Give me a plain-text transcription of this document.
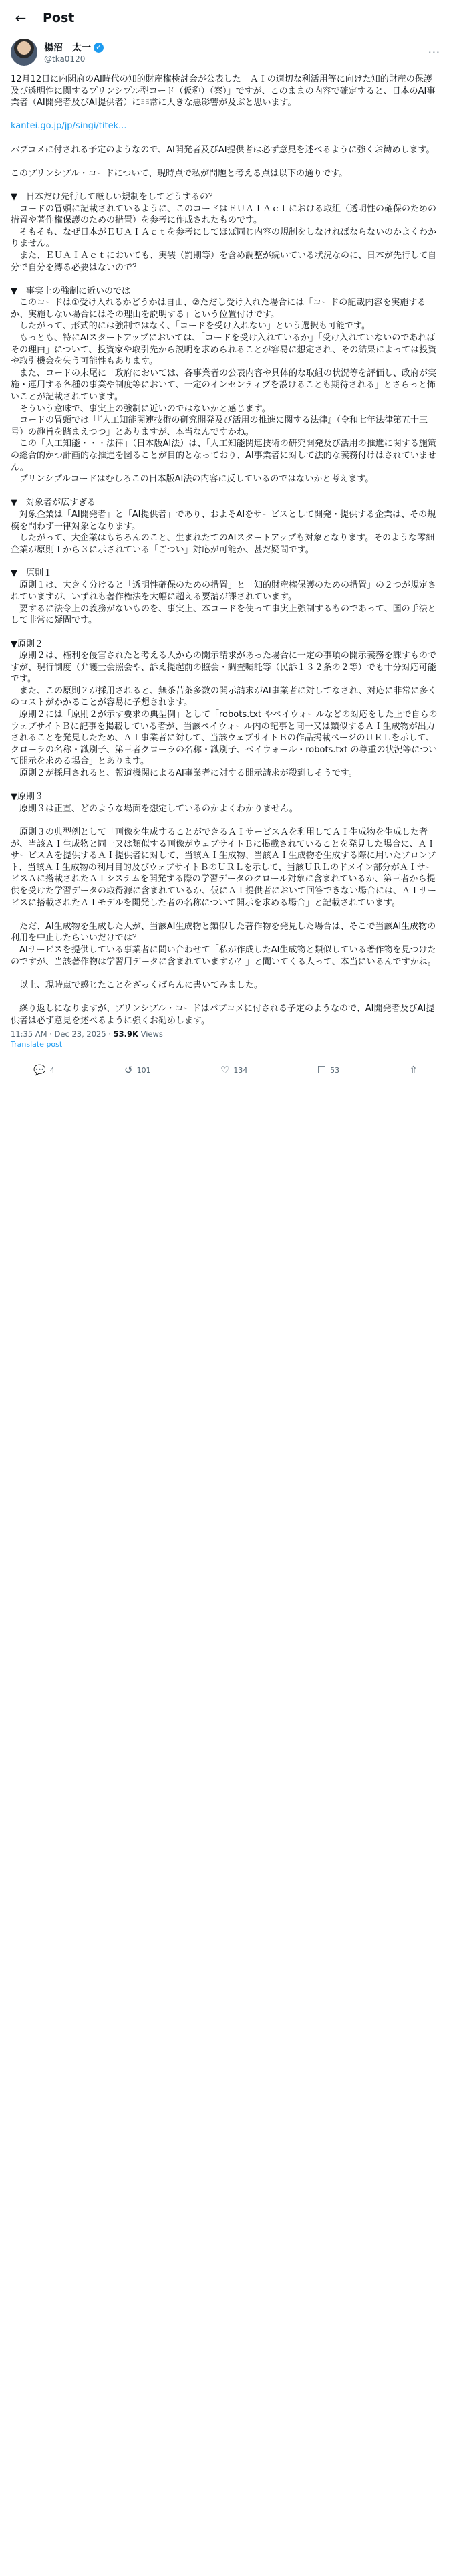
←	Post
楊沼　太一 ✓
@tka0120
···
12月12日に内閣府のAI時代の知的財産権検討会が公表した「ＡＩの適切な利活用等に向けた知的財産の保護及び透明性に関するプリンシプル型コード（仮称）（案）」ですが、このままの内容で確定すると、日本のAI事業者（AI開発者及びAI提供者）に非常に大きな悪影響が及ぶと思います。

kantei.go.jp/jp/singi/titek...

パブコメに付される予定のようなので、AI開発者及びAI提供者は必ず意見を述べるように強くお勧めします。

このプリンシプル・コードについて、現時点で私が問題と考える点は以下の通りです。

▼　日本だけ先行して厳しい規制をしてどうするの？
　コードの冒頭に記載されているように、このコードはＥＵＡＩＡｃｔにおける取組（透明性の確保のための措置や著作権保護のための措置）を参考に作成されたものです。
　そもそも、なぜ日本がＥＵＡＩＡｃｔを参考にしてほぼ同じ内容の規制をしなければならないのかよくわかりません。
　また、ＥＵＡＩＡｃｔにおいても、実装（罰則等）を含め調整が続いている状況なのに、日本が先行して自分で自分を縛る必要はないので？

▼　事実上の強制に近いのでは
　このコードは①受け入れるかどうかは自由、②ただし受け入れた場合には「コードの記載内容を実施するか、実施しない場合にはその理由を説明する」という位置付けです。
　したがって、形式的には強制ではなく、「コードを受け入れない」という選択も可能です。
　もっとも、特にAIスタートアップにおいては、「コードを受け入れているか」「受け入れていないのであればその理由」について、投資家や取引先から説明を求められることが容易に想定され、その結果によっては投資や取引機会を失う可能性もあります。
　また、コードの末尾に「政府においては、各事業者の公表内容や具体的な取組の状況等を評価し、政府が実施・運用する各種の事業や制度等において、一定のインセンティブを設けることも期待される」とさらっと怖いことが記載されています。
　そういう意味で、事実上の強制に近いのではないかと感じます。
　コードの冒頭では「『人工知能関連技術の研究開発及び活用の推進に関する法律』（令和七年法律第五十三号）の趣旨を踏まえつつ」とありますが、本当なんですかね。
　この「人工知能・・・法律」（日本版AI法）は、「人工知能関連技術の研究開発及び活用の推進に関する施策の総合的かつ計画的な推進を図ることが目的となっており、AI事業者に対して法的な義務付けはされていません。
　プリンシプルコードはむしろこの日本版AI法の内容に反しているのではないかと考えます。

▼　対象者が広すぎる
　対象企業は「AI開発者」と「AI提供者」であり、およそAIをサービスとして開発・提供する企業は、その規模を問わず一律対象となります。
　したがって、大企業はもちろんのこと、生まれたてのAIスタートアップも対象となります。そのような零細企業が原則１から３に示されている「ごつい」対応が可能か、甚だ疑問です。

▼　原則１
　原則１は、大きく分けると「透明性確保のための措置」と「知的財産権保護のための措置」の２つが規定されていますが、いずれも著作権法を大幅に超える要請が課されています。
　要するに法令上の義務がないものを、事実上、本コードを使って事実上強制するものであって、国の手法として非常に疑問です。

▼原則２
　原則２は、権利を侵害されたと考える人からの開示請求があった場合に一定の事項の開示義務を課すものですが、現行制度（弁護士会照会や、訴え提起前の照会・調査嘱託等（民訴１３２条の２等）でも十分対応可能です。
　また、この原則２が採用されると、無茶苦茶多数の開示請求がAI事業者に対してなされ、対応に非常に多くのコストがかかることが容易に予想されます。
　原則２には「原則２が示す要求の典型例」として「robots.txt やペイウォールなどの対応をした上で自らのウェブサイトＢに記事を掲載している者が、当該ペイウォール内の記事と同一又は類似するＡＩ生成物が出力されることを発見したため、ＡＩ事業者に対して、当該ウェブサイトＢの作品掲載ページのＵＲＬを示して、クローラの名称・識別子、第三者クローラの名称・識別子、ペイウォール・robots.txt の尊重の状況等について開示を求める場合」とあります。
　原則２が採用されると、報道機関によるAI事業者に対する開示請求が殺到しそうです。

▼原則３
　原則３は正直、どのような場面を想定しているのかよくわかりません。

　原則３の典型例として「画像を生成することができるＡＩサービスＡを利用してＡＩ生成物を生成した者が、当該ＡＩ生成物と同一又は類似する画像がウェブサイトＢに掲載されていることを発見した場合に、ＡＩサービスＡを提供するＡＩ提供者に対して、当該ＡＩ生成物、当該ＡＩ生成物を生成する際に用いたプロンプト、当該ＡＩ生成物の利用目的及びウェブサイトＢのＵＲＬを示して、当該ＵＲＬのドメイン部分がＡＩサービスＡに搭載されたＡＩシステムを開発する際の学習データのクロール対象に含まれているか、第三者から提供を受けた学習データの取得源に含まれているか、仮にＡＩ提供者において回答できない場合には、ＡＩサービスに搭載されたＡＩモデルを開発した者の名称について開示を求める場合」と記載されています。

　ただ、AI生成物を生成した人が、当該AI生成物と類似した著作物を発見した場合は、そこで当該AI生成物の利用を中止したらいいだけでは？
　AIサービスを提供している事業者に問い合わせて「私が作成したAI生成物と類似している著作物を見つけたのですが、当該著作物は学習用データに含まれていますか？」と聞いてくる人って、本当にいるんですかね。

　以上、現時点で感じたことをざっくばらんに書いてみました。

　繰り返しになりますが、プリンシプル・コードはパブコメに付される予定のようなので、AI開発者及びAI提供者は必ず意見を述べるように強くお勧めします。
11:35 AM · Dec 23, 2025 · 53.9K Views
Translate post
💬 4	↺ 101	♡ 134	☐ 53	⇧
